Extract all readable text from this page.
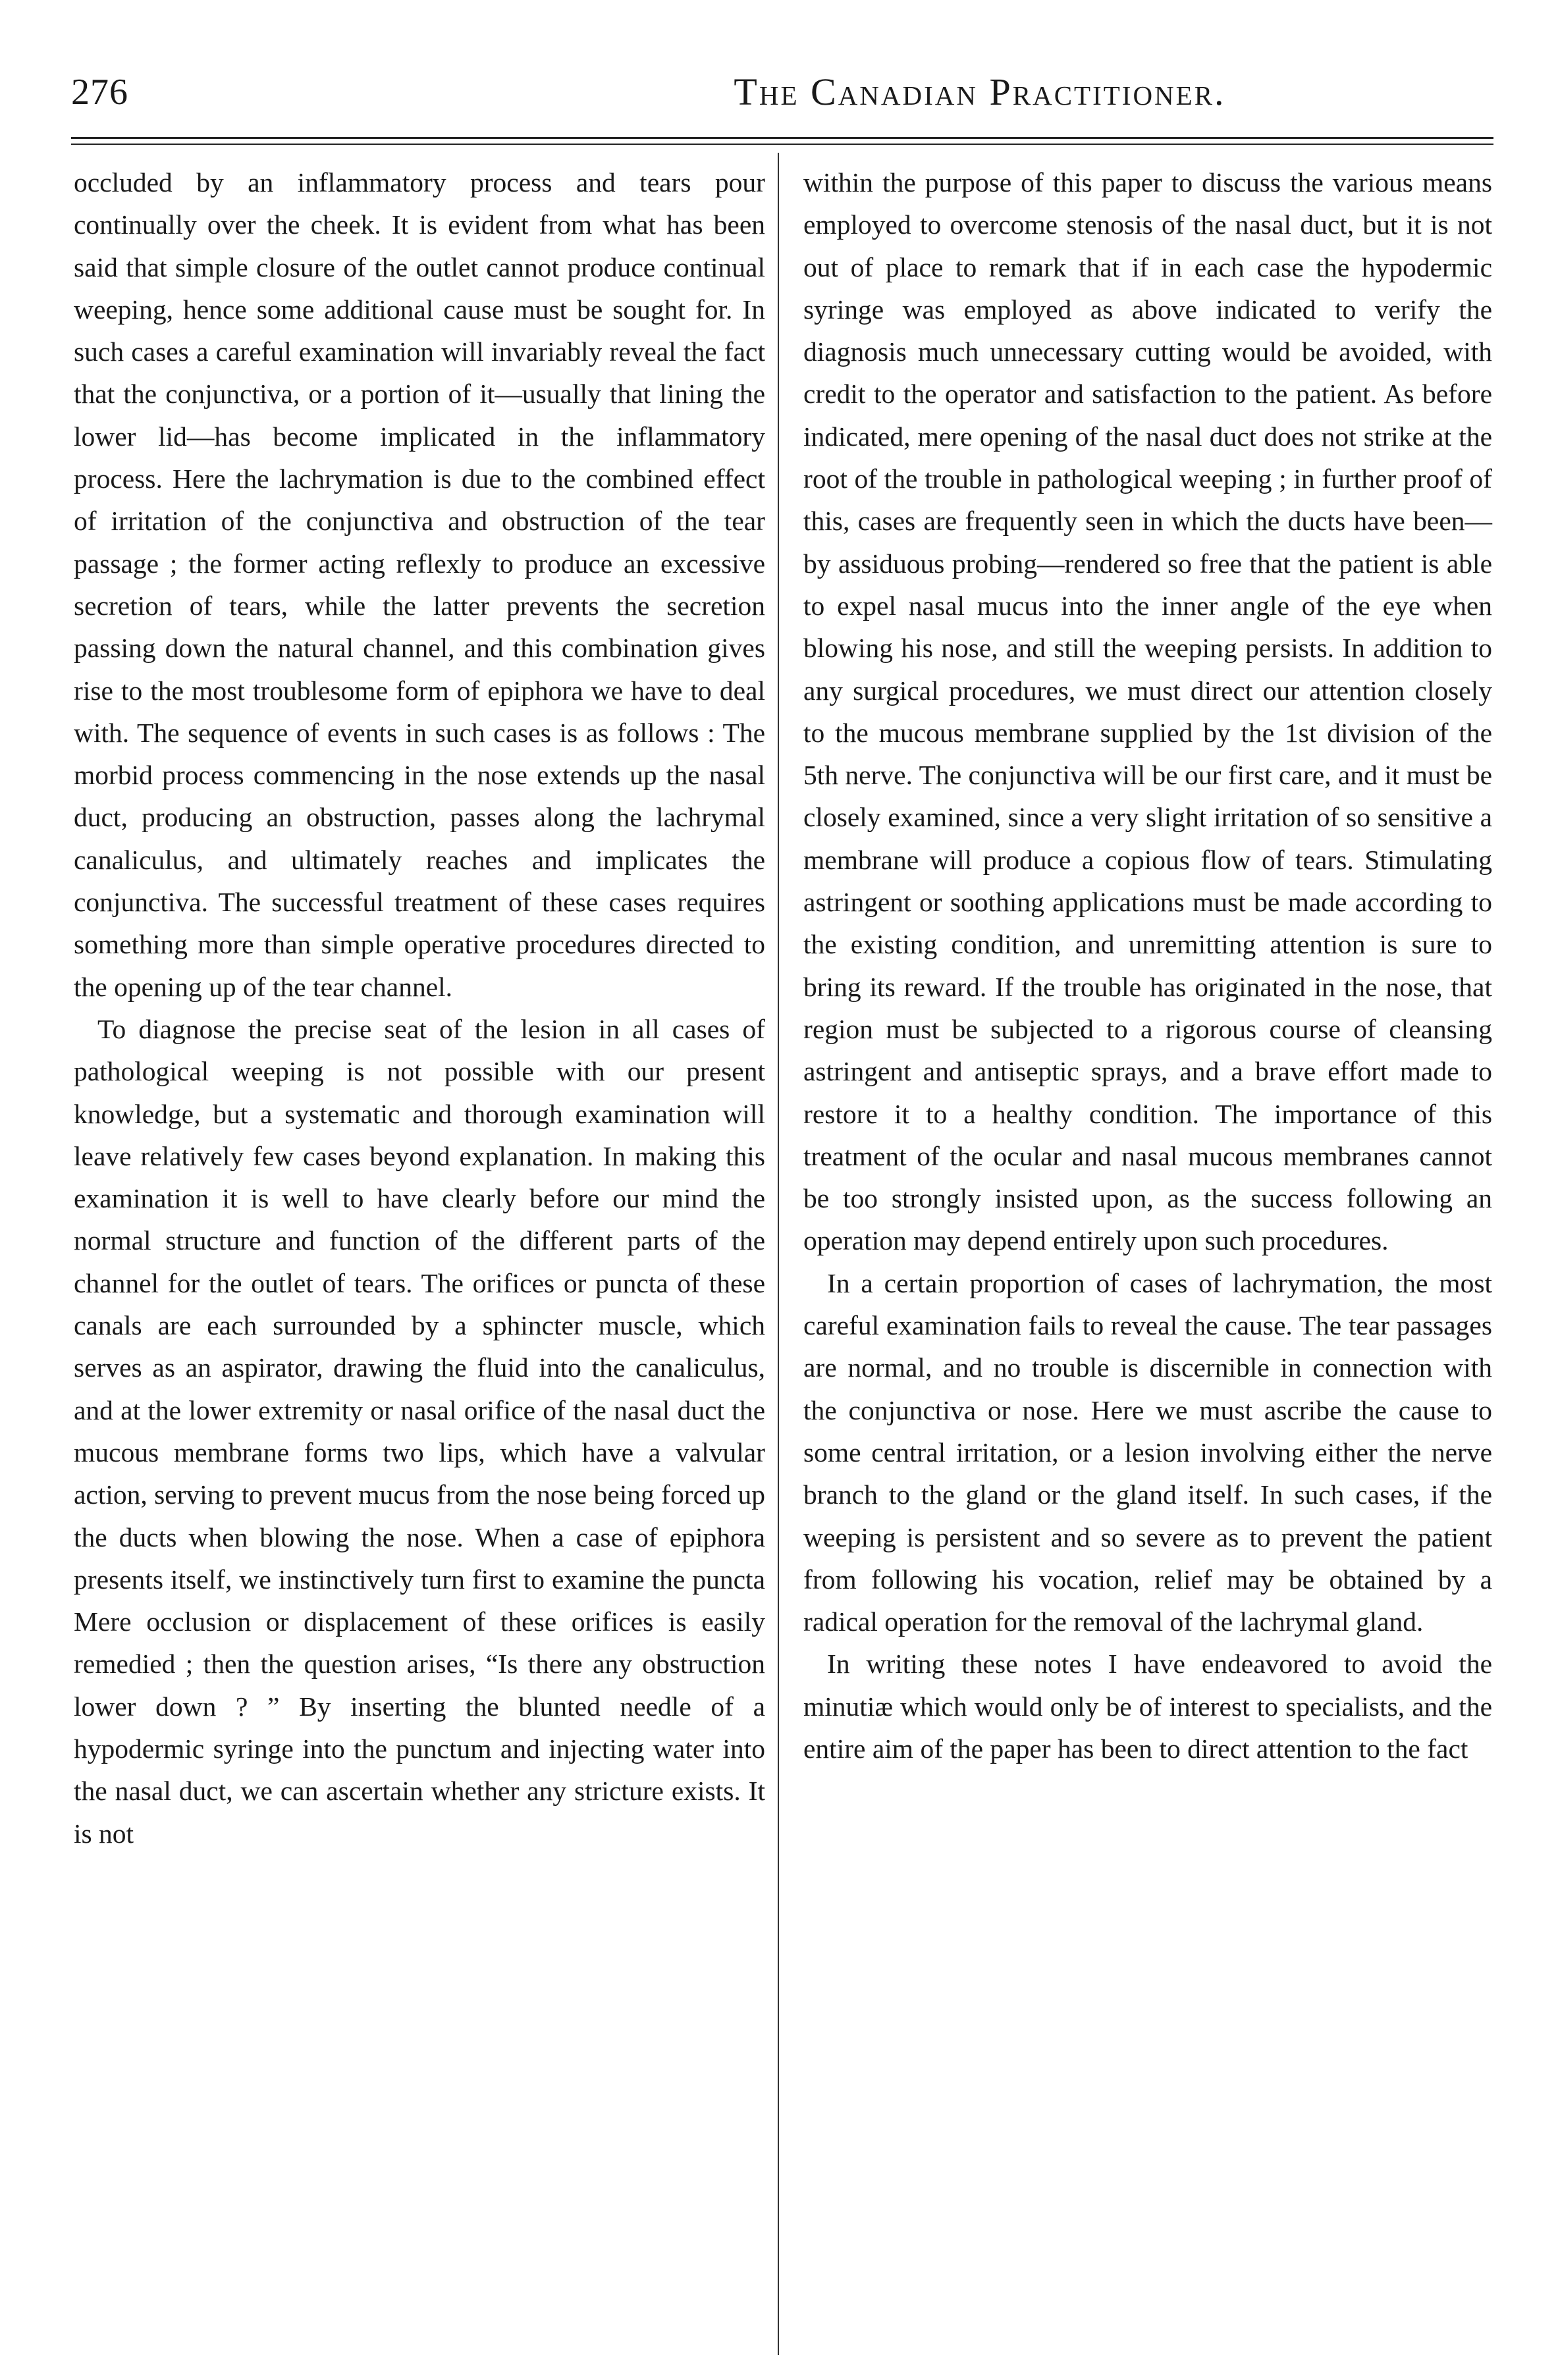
276	The Canadian Practitioner.

occluded by an inflammatory process and tears pour continually over the cheek. It is evident from what has been said that simple closure of the outlet cannot produce continual weeping, hence some additional cause must be sought for. In such cases a careful examination will invariably reveal the fact that the conjunctiva, or a portion of it—usually that lining the lower lid—has become implicated in the inflammatory process. Here the lachrymation is due to the combined effect of irritation of the conjunctiva and obstruction of the tear passage ; the former acting reflexly to produce an excessive secretion of tears, while the latter prevents the secretion passing down the natural channel, and this combination gives rise to the most troublesome form of epiphora we have to deal with. The sequence of events in such cases is as follows : The morbid process commencing in the nose extends up the nasal duct, producing an obstruction, passes along the lachrymal canaliculus, and ultimately reaches and implicates the conjunctiva. The successful treatment of these cases requires something more than simple operative procedures directed to the opening up of the tear channel.

To diagnose the precise seat of the lesion in all cases of pathological weeping is not possible with our present knowledge, but a systematic and thorough examination will leave relatively few cases beyond explanation. In making this examination it is well to have clearly before our mind the normal structure and function of the different parts of the channel for the outlet of tears. The orifices or puncta of these canals are each surrounded by a sphincter muscle, which serves as an aspirator, drawing the fluid into the canaliculus, and at the lower extremity or nasal orifice of the nasal duct the mucous membrane forms two lips, which have a valvular action, serving to prevent mucus from the nose being forced up the ducts when blowing the nose. When a case of epiphora presents itself, we instinctively turn first to examine the puncta Mere occlusion or displacement of these orifices is easily remedied ; then the question arises, “Is there any obstruction lower down ? ” By inserting the blunted needle of a hypodermic syringe into the punctum and injecting water into the nasal duct, we can ascertain whether any stricture exists. It is not

within the purpose of this paper to discuss the various means employed to overcome stenosis of the nasal duct, but it is not out of place to remark that if in each case the hypodermic syringe was employed as above indicated to verify the diagnosis much unnecessary cutting would be avoided, with credit to the operator and satisfaction to the patient. As before indicated, mere opening of the nasal duct does not strike at the root of the trouble in pathological weeping ; in further proof of this, cases are frequently seen in which the ducts have been—by assiduous probing—rendered so free that the patient is able to expel nasal mucus into the inner angle of the eye when blowing his nose, and still the weeping persists. In addition to any surgical procedures, we must direct our attention closely to the mucous membrane supplied by the 1st division of the 5th nerve. The conjunctiva will be our first care, and it must be closely examined, since a very slight irritation of so sensitive a membrane will produce a copious flow of tears. Stimulating astringent or soothing applications must be made according to the existing condition, and unremitting attention is sure to bring its reward. If the trouble has originated in the nose, that region must be subjected to a rigorous course of cleansing astringent and antiseptic sprays, and a brave effort made to restore it to a healthy condition. The importance of this treatment of the ocular and nasal mucous membranes cannot be too strongly insisted upon, as the success following an operation may depend entirely upon such procedures.

In a certain proportion of cases of lachrymation, the most careful examination fails to reveal the cause. The tear passages are normal, and no trouble is discernible in connection with the conjunctiva or nose. Here we must ascribe the cause to some central irritation, or a lesion involving either the nerve branch to the gland or the gland itself. In such cases, if the weeping is persistent and so severe as to prevent the patient from following his vocation, relief may be obtained by a radical operation for the removal of the lachrymal gland.

In writing these notes I have endeavored to avoid the minutiæ which would only be of interest to specialists, and the entire aim of the paper has been to direct attention to the fact
